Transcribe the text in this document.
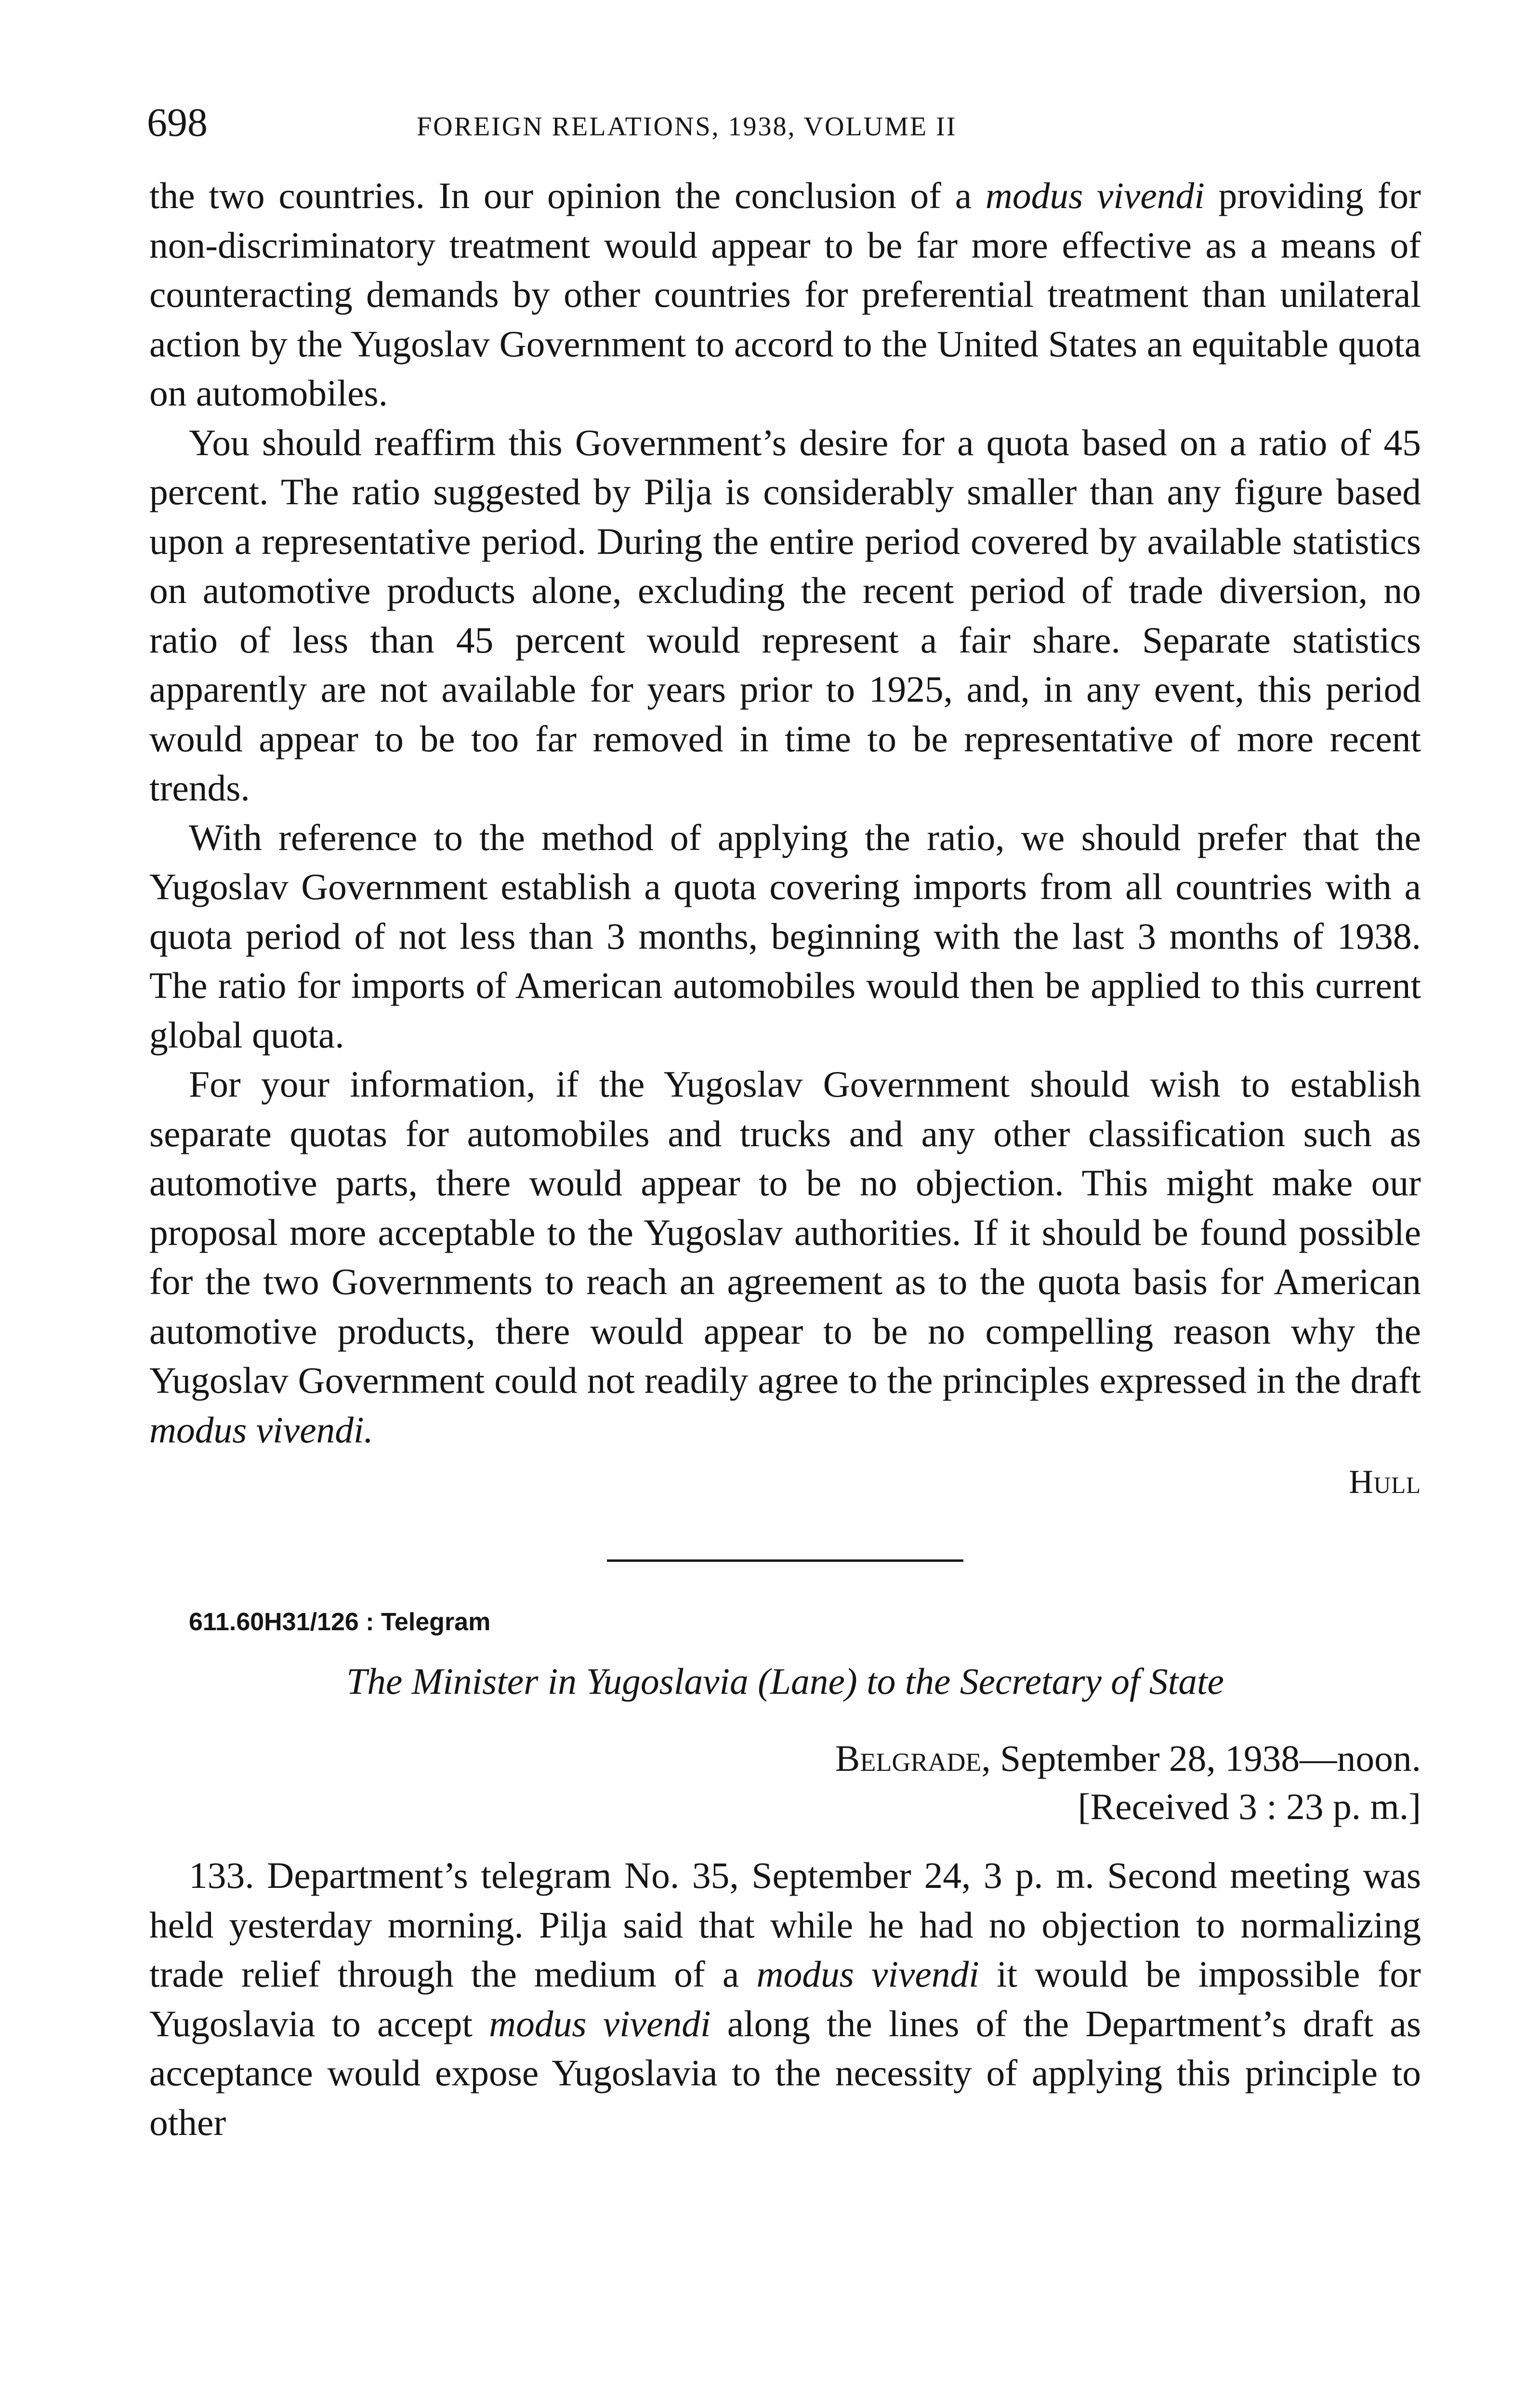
698	FOREIGN RELATIONS, 1938, VOLUME II

the two countries. In our opinion the conclusion of a modus vivendi providing for non-discriminatory treatment would appear to be far more effective as a means of counteracting demands by other countries for preferential treatment than unilateral action by the Yugoslav Government to accord to the United States an equitable quota on automobiles.

You should reaffirm this Government’s desire for a quota based on a ratio of 45 percent. The ratio suggested by Pilja is considerably smaller than any figure based upon a representative period. During the entire period covered by available statistics on automotive products alone, excluding the recent period of trade diversion, no ratio of less than 45 percent would represent a fair share. Separate statistics apparently are not available for years prior to 1925, and, in any event, this period would appear to be too far removed in time to be representative of more recent trends.

With reference to the method of applying the ratio, we should prefer that the Yugoslav Government establish a quota covering imports from all countries with a quota period of not less than 3 months, beginning with the last 3 months of 1938. The ratio for imports of American automobiles would then be applied to this current global quota.

For your information, if the Yugoslav Government should wish to establish separate quotas for automobiles and trucks and any other classification such as automotive parts, there would appear to be no objection. This might make our proposal more acceptable to the Yugoslav authorities. If it should be found possible for the two Governments to reach an agreement as to the quota basis for American automotive products, there would appear to be no compelling reason why the Yugoslav Government could not readily agree to the principles expressed in the draft modus vivendi.

Hull

611.60H31/126 : Telegram

The Minister in Yugoslavia (Lane) to the Secretary of State
Belgrade, September 28, 1938—noon.
[Received 3 : 23 p. m.]

133. Department’s telegram No. 35, September 24, 3 p. m. Second meeting was held yesterday morning. Pilja said that while he had no objection to normalizing trade relief through the medium of a modus vivendi it would be impossible for Yugoslavia to accept modus vivendi along the lines of the Department’s draft as acceptance would expose Yugoslavia to the necessity of applying this principle to other
